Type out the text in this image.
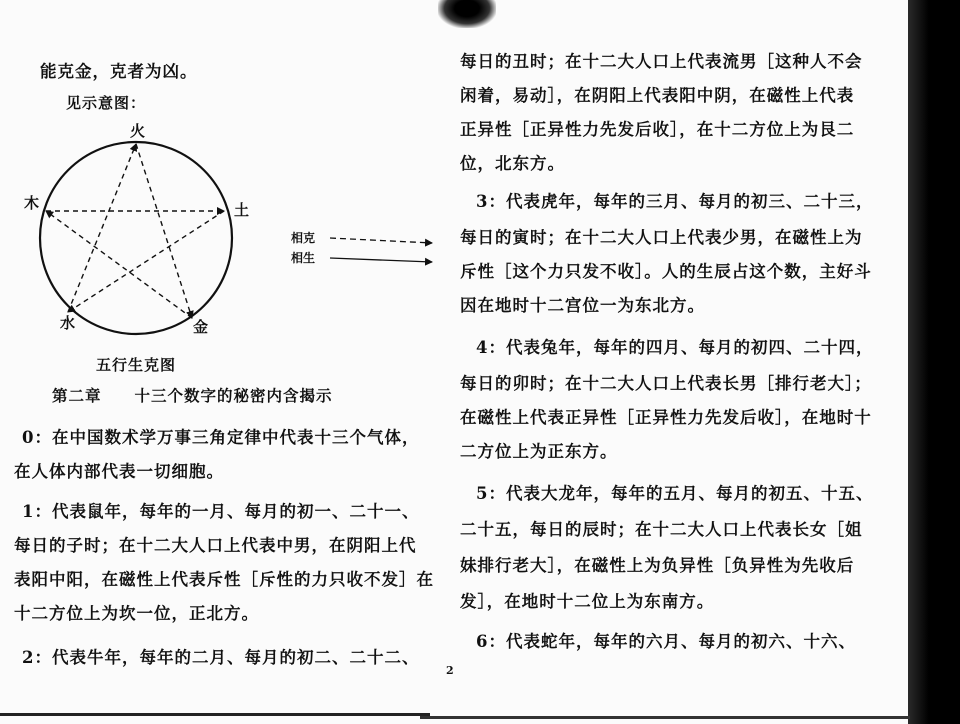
能克金，克者为凶。
见示意图：
火
土
木
水	金
相克
相生
五行生克图
第二章　　十三个数字的秘密内含揭示
0：在中国数术学万事三角定律中代表十三个气体，
在人体内部代表一切细胞。
1：代表鼠年，每年的一月、每月的初一、二十一、
每日的子时；在十二大人口上代表中男，在阴阳上代
表阳中阳，在磁性上代表斥性［斥性的力只收不发］在
十二方位上为坎一位，正北方。
2：代表牛年，每年的二月、每月的初二、二十二、
每日的丑时；在十二大人口上代表流男［这种人不会
闲着，易动］，在阴阳上代表阳中阴，在磁性上代表
正异性［正异性力先发后收］，在十二方位上为艮二
位，北东方。
3：代表虎年，每年的三月、每月的初三、二十三，
每日的寅时；在十二大人口上代表少男，在磁性上为
斥性［这个力只发不收］。人的生辰占这个数，主好斗
因在地时十二宫位一为东北方。
4：代表兔年，每年的四月、每月的初四、二十四，
每日的卯时；在十二大人口上代表长男［排行老大］；
在磁性上代表正异性［正异性力先发后收］，在地时十
二方位上为正东方。
5：代表大龙年，每年的五月、每月的初五、十五、
二十五，每日的辰时；在十二大人口上代表长女［姐
妹排行老大］，在磁性上为负异性［负异性为先收后
发］，在地时十二位上为东南方。
6：代表蛇年，每年的六月、每月的初六、十六、
2
